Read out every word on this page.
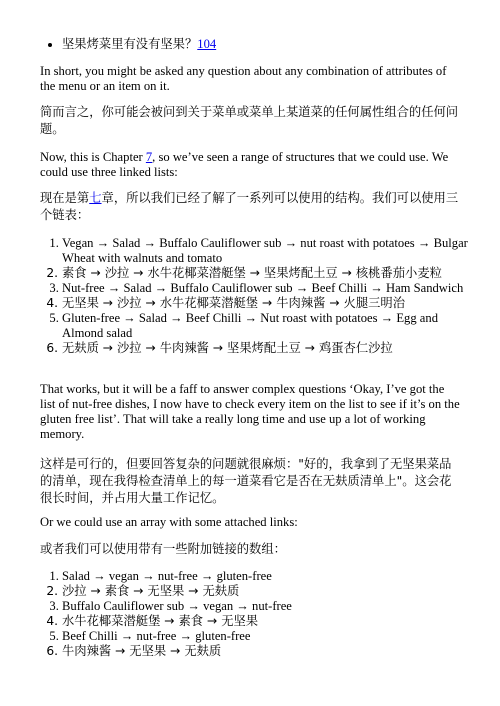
• 坚果烤菜里有没有坚果？104

In short, you might be asked any question about any combination of attributes of the menu or an item on it.

简而言之，你可能会被问到关于菜单或菜单上某道菜的任何属性组合的任何问题。

Now, this is Chapter 7, so we’ve seen a range of structures that we could use. We could use three linked lists:

现在是第七章，所以我们已经了解了一系列可以使用的结构。我们可以使用三个链表：

1. Vegan → Salad → Buffalo Cauliflower sub → nut roast with potatoes → Bulgar Wheat with walnuts and tomato
2. 素食 → 沙拉 → 水牛花椰菜潜艇堡 → 坚果烤配土豆 → 核桃番茄小麦粒
3. Nut-free → Salad → Buffalo Cauliflower sub → Beef Chilli → Ham Sandwich
4. 无坚果 → 沙拉 → 水牛花椰菜潜艇堡 → 牛肉辣酱 → 火腿三明治
5. Gluten-free → Salad → Beef Chilli → Nut roast with potatoes → Egg and Almond salad
6. 无麸质 → 沙拉 → 牛肉辣酱 → 坚果烤配土豆 → 鸡蛋杏仁沙拉

That works, but it will be a faff to answer complex questions ‘Okay, I’ve got the list of nut-free dishes, I now have to check every item on the list to see if it’s on the gluten free list’. That will take a really long time and use up a lot of working memory.

这样是可行的，但要回答复杂的问题就很麻烦："好的，我拿到了无坚果菜品的清单，现在我得检查清单上的每一道菜看它是否在无麸质清单上"。这会花很长时间，并占用大量工作记忆。

Or we could use an array with some attached links:

或者我们可以使用带有一些附加链接的数组：

1. Salad → vegan → nut-free → gluten-free
2. 沙拉 → 素食 → 无坚果 → 无麸质
3. Buffalo Cauliflower sub → vegan → nut-free
4. 水牛花椰菜潜艇堡 → 素食 → 无坚果
5. Beef Chilli → nut-free → gluten-free
6. 牛肉辣酱 → 无坚果 → 无麸质
